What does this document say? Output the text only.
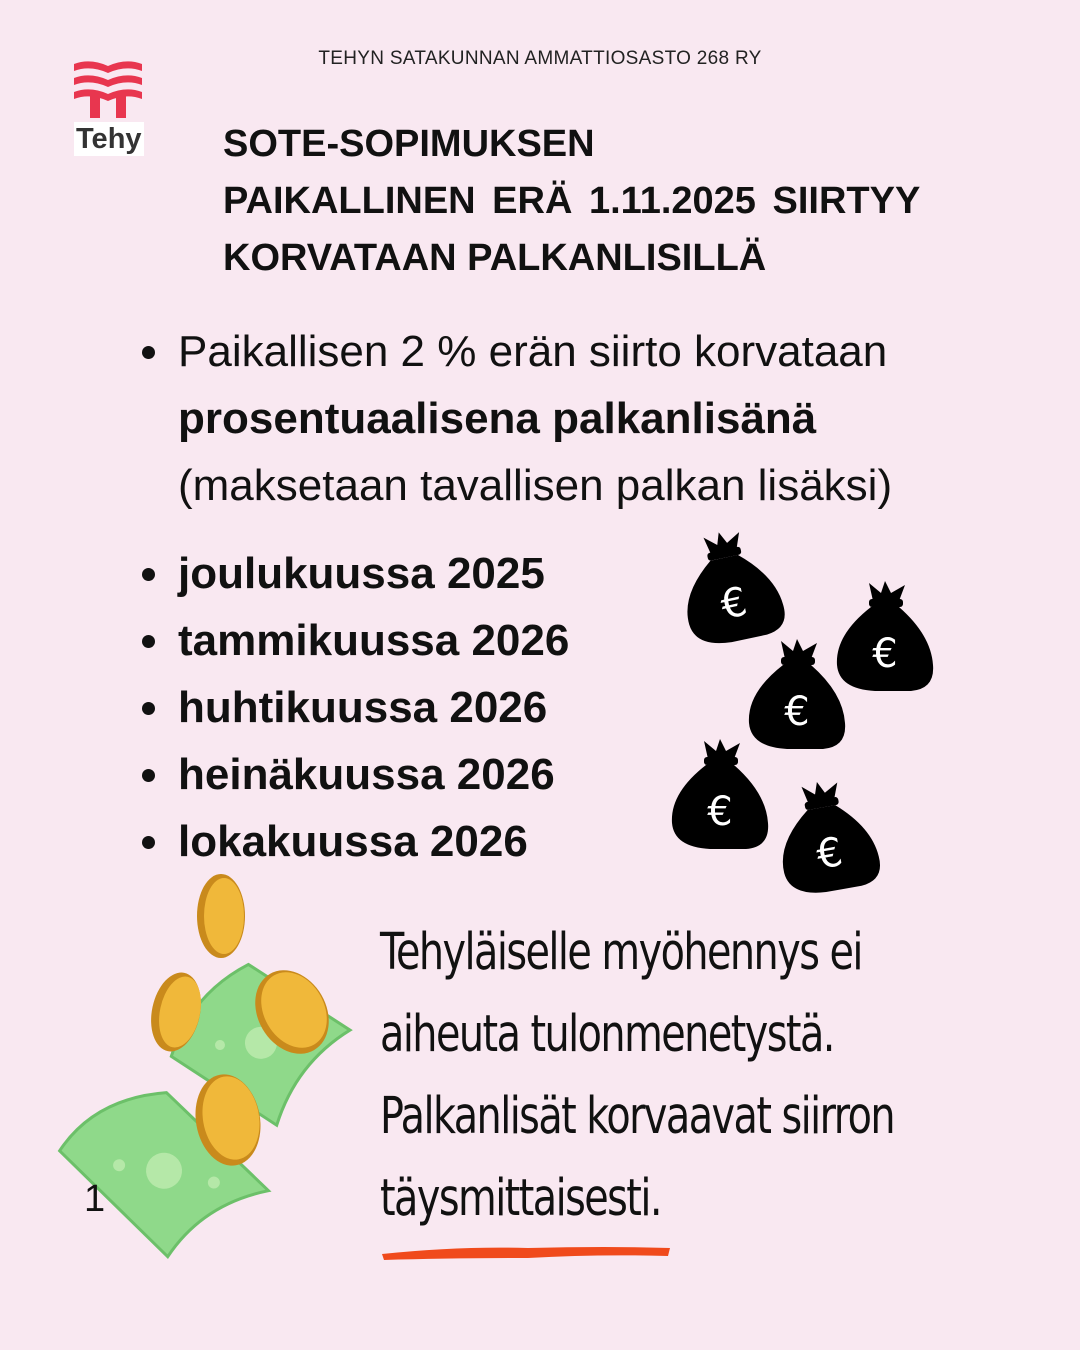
TEHYN SATAKUNNAN AMMATTIOSASTO 268 RY
Tehy SOTE-SOPIMUKSEN
PAIKALLINEN ERÄ 1.11.2025 SIIRTYY
KORVATAAN PALKANLISILLÄ
Paikallisen 2 % erän siirto korvataan
prosentuaalisena palkanlisänä
(maksetaan tavallisen palkan lisäksi)
joulukuussa 2025
tammikuussa 2026
huhtikuussa 2026
heinäkuussa 2026
lokakuussa 2026
€
1
Tehyläiselle myöhennys ei
aiheuta tulonmenetystä.
Palkanlisät korvaavat siirron
täysmittaisesti.
